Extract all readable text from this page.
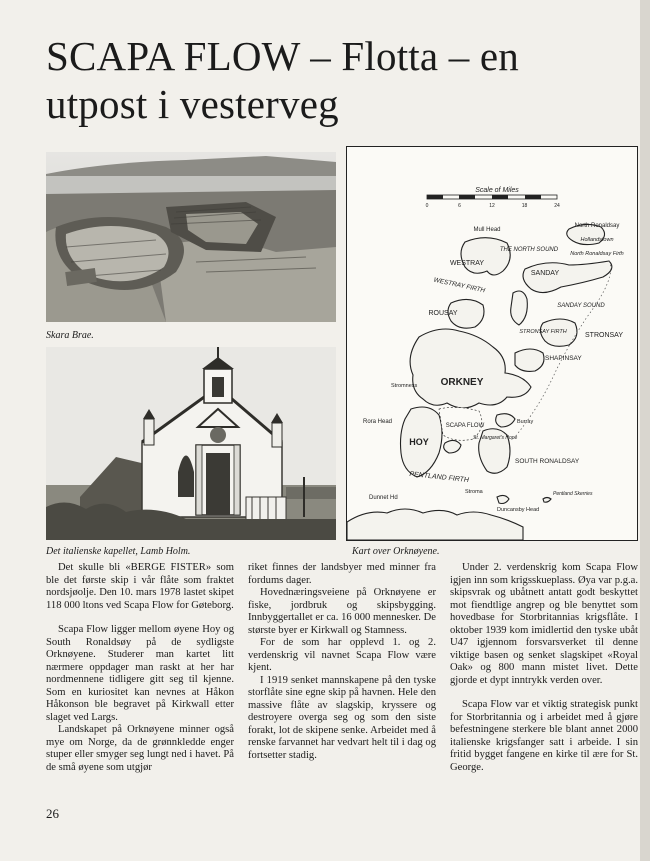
SCAPA FLOW – Flotta – en
utpost i vesterveg
Skara Brae.
Det italienske kapellet, Lamb Holm.
Scale of Miles
0	6	12	18	24
North Ronaldsay
Hollandstown
Mull Head
North Ronaldsay Firth
WESTRAY
THE NORTH SOUND
SANDAY
WESTRAY FIRTH
ROUSAY
SANDAY SOUND
STRONSAY
STRONSAY FIRTH
SHAPINSAY
ORKNEY
HOY
SCAPA FLOW
SOUTH RONALDSAY
PENTLAND FIRTH
Rora Head
Stromness
St. Margaret's Hope
Burray
Dunnet Hd
Duncansby Head
Stroma	Pentland Skerries
Kart over Orknøyene.

Det skulle bli «BERGE FISTER» som ble det første skip i vår flåte som fraktet nordsjøolje. Den 10. mars 1978 lastet skipet 118 000 ltons ved Scapa Flow for Gøteborg.

Scapa Flow ligger mellom øyene Hoy og South Ronaldsøy på de sydligste Orknøyene. Studerer man kartet litt nærmere oppdager man raskt at her har nordmennene tidligere gitt seg til kjenne. Som en kuriositet kan nevnes at Håkon Håkonson ble begravet på Kirkwall etter slaget ved Largs.

Landskapet på Orknøyene minner også mye om Norge, da de grønnkledde enger stuper eller smyger seg lungt ned i havet. På de små øyene som utgjør

riket finnes der landsbyer med minner fra fordums dager.

Hovednæringsveiene på Orknøyene er fiske, jordbruk og skipsbygging. Innbyggertallet er ca. 16 000 mennesker. De største byer er Kirkwall og Stamness.

For de som har opplevd 1. og 2. verdenskrig vil navnet Scapa Flow være kjent.

I 1919 senket mannskapene på den tyske storflåte sine egne skip på havnen. Hele den massive flåte av slagskip, kryssere og destroyere overga seg og som den siste forakt, lot de skipene senke. Arbeidet med å renske farvannet har vedvart helt til i dag og fortsetter stadig.

Under 2. verdenskrig kom Scapa Flow igjen inn som krigsskueplass. Øya var p.g.a. skipsvrak og ubåtnett antatt godt beskyttet mot fiendtlige angrep og ble benyttet som hovedbase for Storbritannias krigsflåte. I oktober 1939 kom imidlertid den tyske ubåt U47 igjennom forsvarsverket til denne viktige basen og senket slagskipet «Royal Oak» og 800 mann mistet livet. Dette gjorde et dypt inntrykk verden over.

Scapa Flow var et viktig strategisk punkt for Storbritannia og i arbeidet med å gjøre befestningene sterkere ble blant annet 2000 italienske krigsfanger satt i arbeide. I sin fritid bygget fangene en kirke til ære for St. George.

26
